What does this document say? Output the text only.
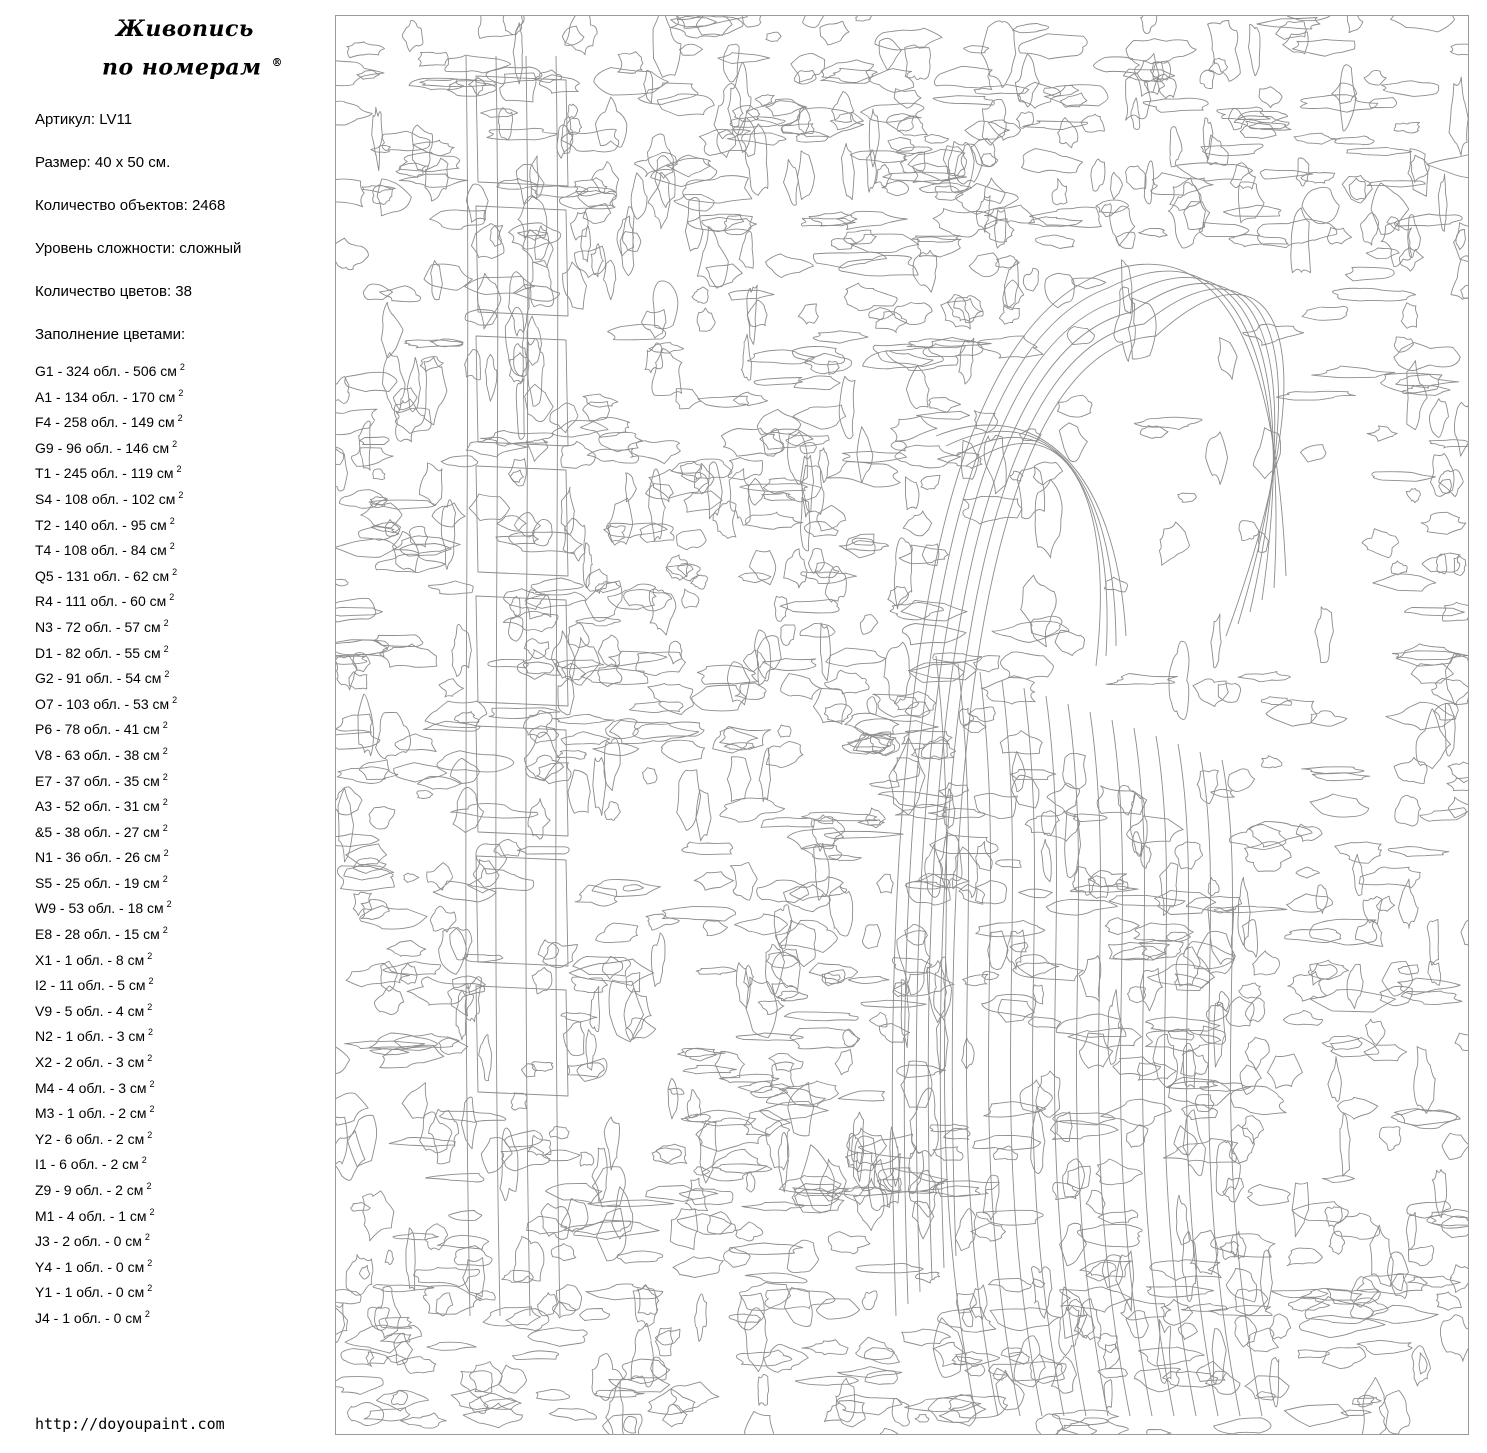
Живопись
по номерам ®
Артикул: LV11
Размер: 40 х 50 см.
Количество объектов: 2468
Уровень сложности: сложный
Количество цветов: 38
Заполнение цветами:
G1 - 324 обл. - 506 см $^2$
A1 - 134 обл. - 170 см $^2$
F4 - 258 обл. - 149 см $^2$
G9 - 96 обл. - 146 см $^2$
T1 - 245 обл. - 119 см $^2$
S4 - 108 обл. - 102 см $^2$
T2 - 140 обл. - 95 см $^2$
T4 - 108 обл. - 84 см $^2$
Q5 - 131 обл. - 62 см $^2$
R4 - 111 обл. - 60 см $^2$
N3 - 72 обл. - 57 см $^2$
D1 - 82 обл. - 55 см $^2$
G2 - 91 обл. - 54 см $^2$
O7 - 103 обл. - 53 см $^2$
P6 - 78 обл. - 41 см $^2$
V8 - 63 обл. - 38 см $^2$
E7 - 37 обл. - 35 см $^2$
A3 - 52 обл. - 31 см $^2$
&5 - 38 обл. - 27 см $^2$
N1 - 36 обл. - 26 см $^2$
S5 - 25 обл. - 19 см $^2$
W9 - 53 обл. - 18 см $^2$
E8 - 28 обл. - 15 см $^2$
X1 - 1 обл. - 8 см $^2$
I2 - 11 обл. - 5 см $^2$
V9 - 5 обл. - 4 см $^2$
N2 - 1 обл. - 3 см $^2$
X2 - 2 обл. - 3 см $^2$
M4 - 4 обл. - 3 см $^2$
M3 - 1 обл. - 2 см $^2$
Y2 - 6 обл. - 2 см $^2$
I1 - 6 обл. - 2 см $^2$
Z9 - 9 обл. - 2 см $^2$
M1 - 4 обл. - 1 см $^2$
J3 - 2 обл. - 0 см $^2$
Y4 - 1 обл. - 0 см $^2$
Y1 - 1 обл. - 0 см $^2$
J4 - 1 обл. - 0 см $^2$
http://doyoupaint.com
